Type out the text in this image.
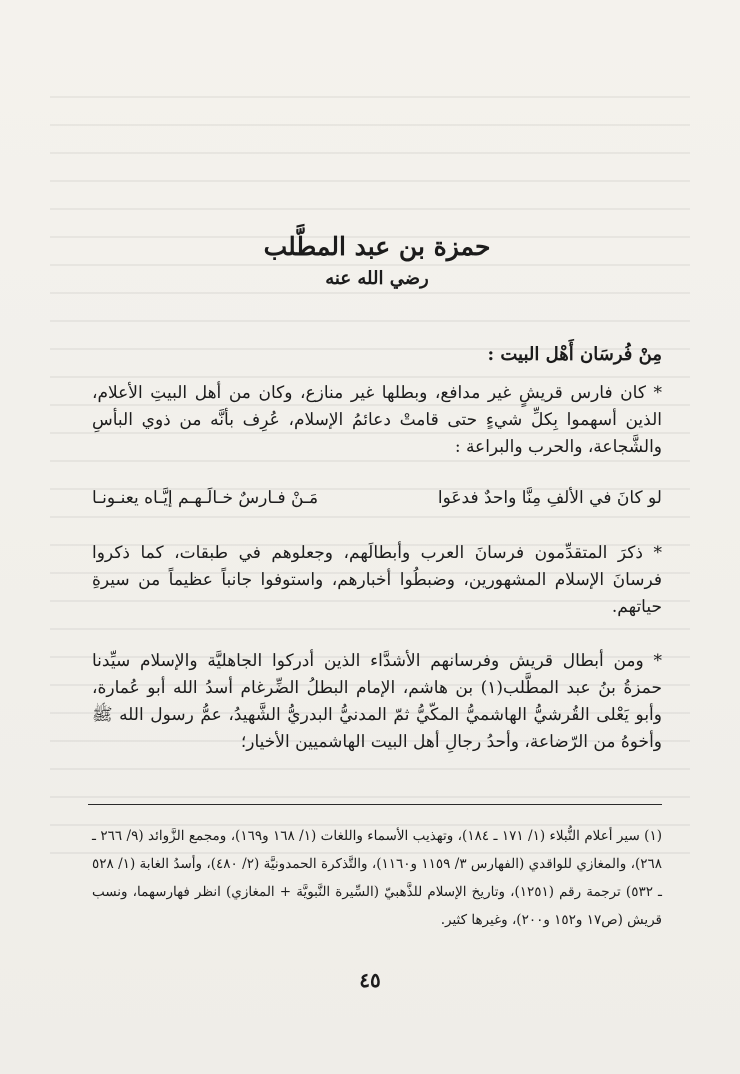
حمزة بن عبد المطَّلب
رضي الله عنه
مِنْ فُرسَان أَهْل البيت :
* كان فارس قريشٍ غير مدافع، وبطلها غير منازع، وكان من أهل البيتِ الأعلام، الذين أسهموا بِكلِّ شيءٍ حتى قامتْ دعائمُ الإسلام، عُرِف بأنَّه من ذوي البأسِ والشَّجاعة، والحرب والبراعة :
لو كانَ في الألفِ مِنَّا واحدٌ فدعَوا
مَـنْ فـارسٌ خـالَـهـم إيَّـاه يعنـونـا
* ذكرَ المتقدِّمون فرسانَ العرب وأبطالَهم، وجعلوهم في طبقات، كما ذكروا فرسانَ الإسلام المشهورين، وضبطُوا أخبارهم، واستوفوا جانباً عظيماً من سيرةِ حياتهم.
* ومن أبطال قريش وفرسانهم الأشدَّاء الذين أدركوا الجاهليَّة والإسلام سيِّدنا حمزةُ بنُ عبد المطَّلب(١) بن هاشم، الإمام البطلُ الضِّرغام أسدُ الله أبو عُمارة، وأبو يَعْلى القُرشيُّ الهاشميُّ المكّيُّ ثمّ المدنيُّ البدريُّ الشَّهيدُ، عمُّ رسول الله ﷺ وأخوهُ من الرّضاعة، وأحدُ رجالِ أهل البيت الهاشميين الأخيار؛
(١) سير أعلام النُّبلاء (١/ ١٧١ ـ ١٨٤)، وتهذيب الأسماء واللغات (١/ ١٦٨ و١٦٩)، ومجمع الزَّوائد (٩/ ٢٦٦ ـ ٢٦٨)، والمغازي للواقدي (الفهارس ٣/ ١١٥٩ و١١٦٠)، والتَّذكرة الحمدونيَّة (٢/ ٤٨٠)، وأسدُ الغابة (١/ ٥٢٨ ـ ٥٣٢) ترجمة رقم (١٢٥١)، وتاريخ الإسلام للذَّهبيّ (السِّيرة النَّبويَّة + المغازي) انظر فهارسهما، ونسب قريش (ص١٧ و١٥٢ و٢٠٠)، وغيرها كثير.
٤٥
